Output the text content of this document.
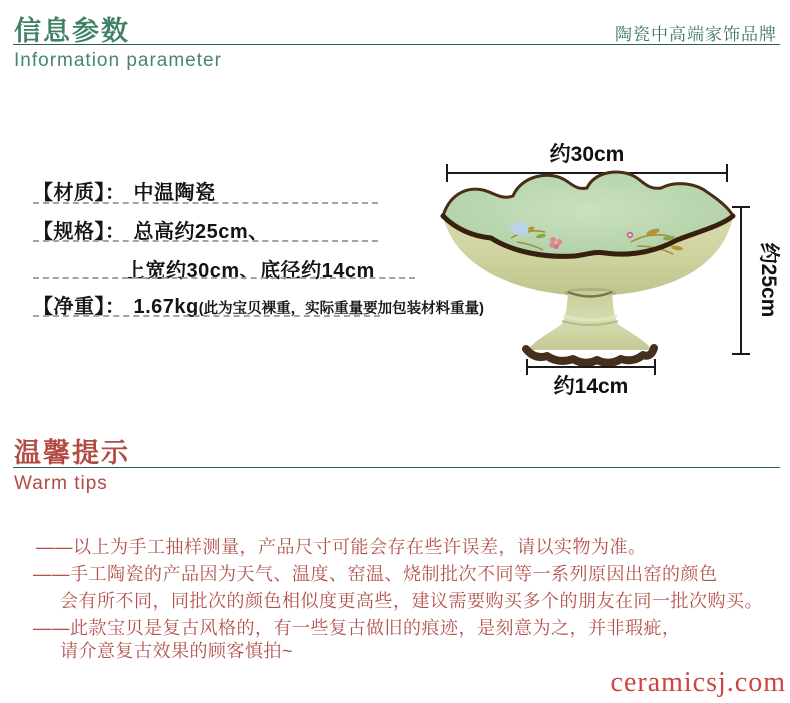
信息参数	陶瓷中高端家饰品牌
Information parameter
【材质】： 中温陶瓷
【规格】： 总高约25cm、
上宽约30cm、底径约14cm
【净重】： 1.67kg(此为宝贝裸重，实际重量要加包装材料重量)
约30cm
约25cm
约14cm
温馨提示
Warm tips
——以上为手工抽样测量，产品尺寸可能会存在些许误差，请以实物为准。
——手工陶瓷的产品因为天气、温度、窑温、烧制批次不同等一系列原因出窑的颜色
会有所不同，同批次的颜色相似度更高些，建议需要购买多个的朋友在同一批次购买。
——此款宝贝是复古风格的，有一些复古做旧的痕迹，是刻意为之，并非瑕疵，
请介意复古效果的顾客慎拍~
ceramicsj.com
